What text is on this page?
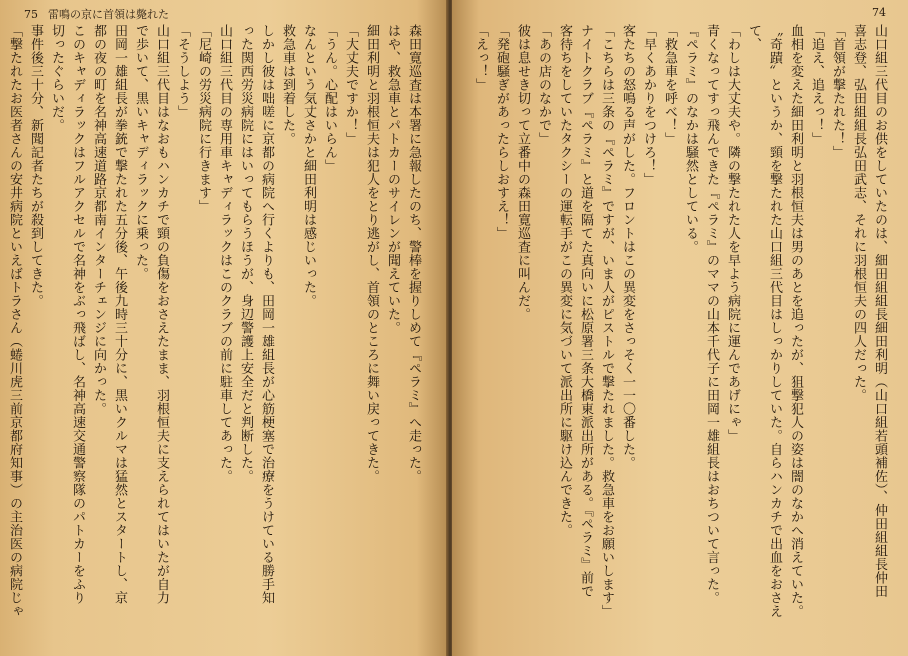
75 雷鳴の京に首領は斃れた
森田寛巡査は本署に急報したのち、警棒を握りしめて『ペラミ』へ走った。
はや、救急車とパトカーのサイレンが聞えていた。
細田利明と羽根恒夫は犯人をとり逃がし、首領のところに舞い戻ってきた。
「大丈夫ですか！」
「うん。心配はいらん」
なんという気丈さかと細田利明は感じいった。
救急車は到着した。
しかし彼は咄嗟に京都の病院へ行くよりも、田岡一雄組長が心筋梗塞で治療をうけている勝手知
った関西労災病院にはいってもらうほうが、身辺警護上安全だと判断した。
山口組三代目の専用車キャディラックはこのクラブの前に駐車してあった。
「尼崎の労災病院に行きます」
「そうしよう」
山口組三代目はなおもハンカチで頸の負傷をおさえたまま、羽根恒夫に支えられてはいたが自力
で歩いて、黒いキャディラックに乗った。
田岡一雄組長が拳銃で撃たれた五分後、午後九時三十分に、黒いクルマは猛然とスタートし、京
都の夜の町を名神高速道路京都南インターチェンジに向かった。
このキャディラックはフルアクセルで名神をぶっ飛ばし、名神高速交通警察隊のパトカーをふり
切ったぐらいだ。
事件後三十分、新聞記者たちが殺到してきた。
「撃たれたお医者さんの安井病院といえばトラさん（蜷川虎三前京都府知事）の主治医の病院じゃ
74
山口組三代目のお供をしていたのは、細田組組長細田利明（山口組若頭補佐）、仲田組組長仲田
喜志登、弘田組組長弘田武志、それに羽根恒夫の四人だった。
「首領が撃たれた！」
「追え、追えっ！」
血相を変えた細田利明と羽根恒夫は男のあとを追ったが、狙撃犯人の姿は闇のなかへ消えていた。
〝奇蹟〟というか、頸を撃たれた山口組三代目はしっかりしていた。自らハンカチで出血をおさえ
て、
「わしは大丈夫や。隣の撃たれた人を早よう病院に運んであげにゃ」
青くなってすっ飛んできた『ペラミ』のママの山本千代子に田岡一雄組長はおちついて言った。
『ペラミ』のなかは騒然としている。
「救急車を呼べ！」
「早くあかりをつけろ！」
客たちの怒鳴る声がした。フロントはこの異変をさっそく一一〇番した。
「こちらは三条の『ペラミ』ですが、いま人がピストルで撃たれました。救急車をお願いします」
ナイトクラブ『ペラミ』と道を隔てた真向いに松原署三条大橋東派出所がある。『ペラミ』前で
客待ちをしていたタクシーの運転手がこの異変に気づいて派出所に駆け込んできた。
「あの店のなかで」
彼は息せき切って立番中の森田寛巡査に叫んだ。
「発砲騒ぎがあったらしおすえ！」
「えっ！」
